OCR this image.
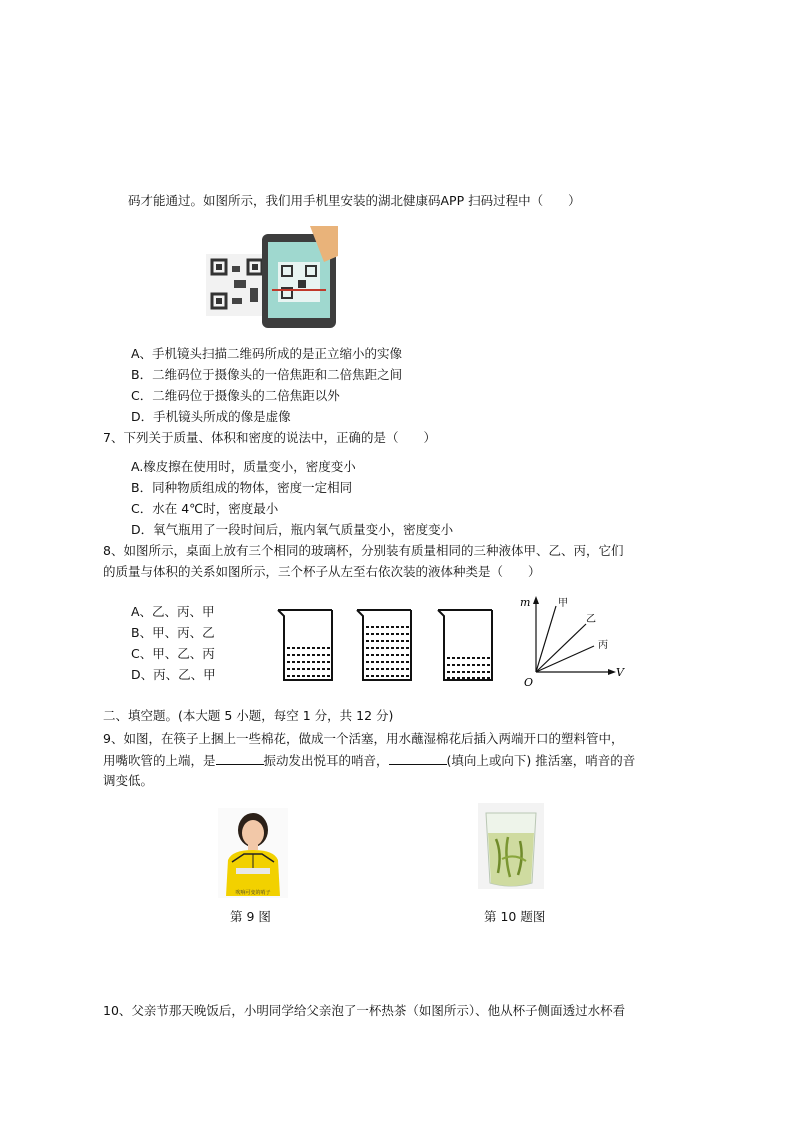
码才能通过。如图所示，我们用手机里安装的湖北健康码APP 扫码过程中（　　）
A、手机镜头扫描二维码所成的是正立缩小的实像
B．二维码位于摄像头的一倍焦距和二倍焦距之间
C．二维码位于摄像头的二倍焦距以外
D．手机镜头所成的像是虚像
7、下列关于质量、体积和密度的说法中，正确的是（　　）
A.橡皮擦在使用时，质量变小，密度变小
B．同种物质组成的物体，密度一定相同
C．水在 4℃时，密度最小
D．氧气瓶用了一段时间后，瓶内氧气质量变小，密度变小
8、如图所示，桌面上放有三个相同的玻璃杯，分别装有质量相同的三种液体甲、乙、丙，它们
的质量与体积的关系如图所示，三个杯子从左至右依次装的液体种类是（　　）
A、乙、丙、甲
B、甲、丙、乙
C、甲、乙、丙
D、丙、乙、甲
m
V
O
甲
乙
丙
二、填空题。(本大题 5 小题，每空 1 分，共 12 分)
9、如图，在筷子上捆上一些棉花，做成一个活塞，用水蘸湿棉花后插入两端开口的塑料管中，
用嘴吹管的上端，是	振动发出悦耳的哨音，	(填向上或向下) 推活塞，哨音的音
调变低。
吹响可变的哨子
第 9 图	第 10 题图
10、父亲节那天晚饭后，小明同学给父亲泡了一杯热茶（如图所示）、他从杯子侧面透过水杯看
